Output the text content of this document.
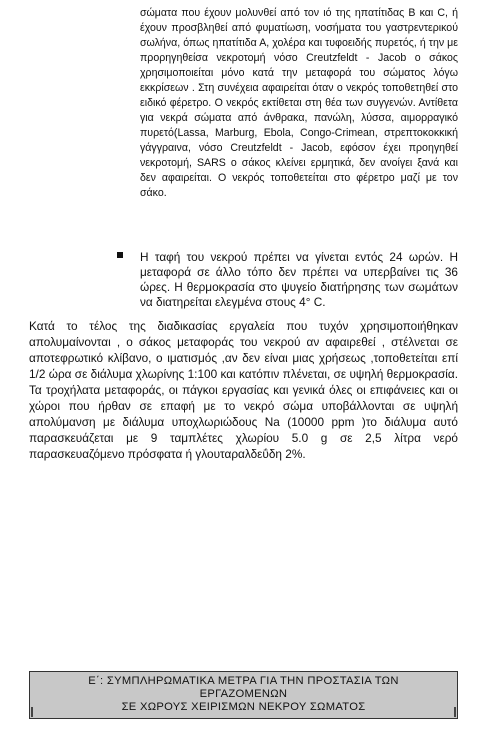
σώματα που έχουν μολυνθεί από τον ιό της ηπατίτιδας Β και C, ή έχουν προσβληθεί από φυματίωση, νοσήματα του γαστρεντερικού σωλήνα, όπως ηπατίτιδα Α, χολέρα και τυφοειδής πυρετός, ή την με προρηγηθείσα νεκροτομή νόσο Creutzfeldt - Jacob ο σάκος χρησιμοποιείται μόνο κατά την μεταφορά του σώματος λόγω εκκρίσεων . Στη συνέχεια αφαιρείται όταν ο νεκρός τοποθετηθεί στο ειδικό φέρετρο. Ο νεκρός εκτίθεται στη θέα των συγγενών. Αντίθετα για νεκρά σώματα από άνθρακα, πανώλη, λύσσα, αιμορραγικό πυρετό(Lassa, Marburg, Ebola, Congo-Crimean, στρεπτοκοκκική γάγγραινα, νόσο Creutzfeldt - Jacob, εφόσον έχει προηγηθεί νεκροτομή, SARS ο σάκος κλείνει ερμητικά, δεν ανοίγει ξανά και δεν αφαιρείται. Ο νεκρός τοποθετείται στο φέρετρο μαζί με τον σάκο.

Η ταφή του νεκρού πρέπει να γίνεται εντός 24 ωρών. Η μεταφορά σε άλλο τόπο δεν πρέπει να υπερβαίνει τις 36 ώρες. Η θερμοκρασία στο ψυγείο διατήρησης των σωμάτων να διατηρείται ελεγμένα στους 4° C.

Κατά το τέλος της διαδικασίας εργαλεία που τυχόν χρησιμοποιήθηκαν απολυμαίνονται , ο σάκος μεταφοράς του νεκρού αν αφαιρεθεί , στέλνεται σε αποτεφρωτικό κλίβανο, ο ιματισμός ,αν δεν είναι μιας χρήσεως ,τοποθετείται επί 1/2 ώρα σε διάλυμα χλωρίνης 1:100 και κατόπιν πλένεται, σε υψηλή θερμοκρασία. Τα τροχήλατα μεταφοράς, οι πάγκοι εργασίας και γενικά όλες οι επιφάνειες και οι χώροι που ήρθαν σε επαφή με το νεκρό σώμα υποβάλλονται σε υψηλή απολύμανση με διάλυμα υποχλωριώδους Na (10000 ppm )το διάλυμα αυτό παρασκευάζεται με 9 ταμπλέτες χλωρίου 5.0 g σε 2,5 λίτρα νερό παρασκευαζόμενο πρόσφατα ή γλουταραλδεΰδη 2%.

Ε΄: ΣΥΜΠΛΗΡΩΜΑΤΙΚΑ ΜΕΤΡΑ ΓΙΑ ΤΗΝ ΠΡΟΣΤΑΣΙΑ ΤΩΝ
ΕΡΓΑΖΟΜΕΝΩΝ
ΣΕ ΧΩΡΟΥΣ ΧΕΙΡΙΣΜΩΝ ΝΕΚΡΟΥ ΣΩΜΑΤΟΣ
